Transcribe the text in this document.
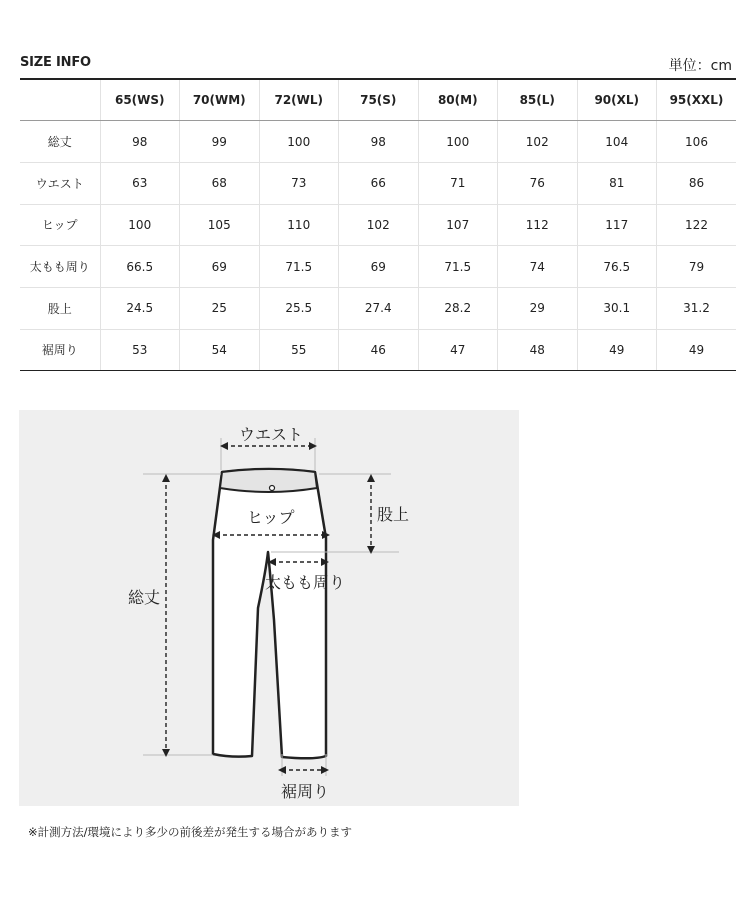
SIZE INFO	単位：cm
	65(WS)	70(WM)	72(WL)	75(S)	80(M)	85(L)	90(XL)	95(XXL)
総丈	98	99	100	98	100	102	104	106
ウエスト	63	68	73	66	71	76	81	86
ヒップ	100	105	110	102	107	112	117	122
太もも周り	66.5	69	71.5	69	71.5	74	76.5	79
股上	24.5	25	25.5	27.4	28.2	29	30.1	31.2
裾周り	53	54	55	46	47	48	49	49
ウエスト
ヒップ	股上
太もも周り
総丈
裾周り
※計測方法/環境により多少の前後差が発生する場合があります
